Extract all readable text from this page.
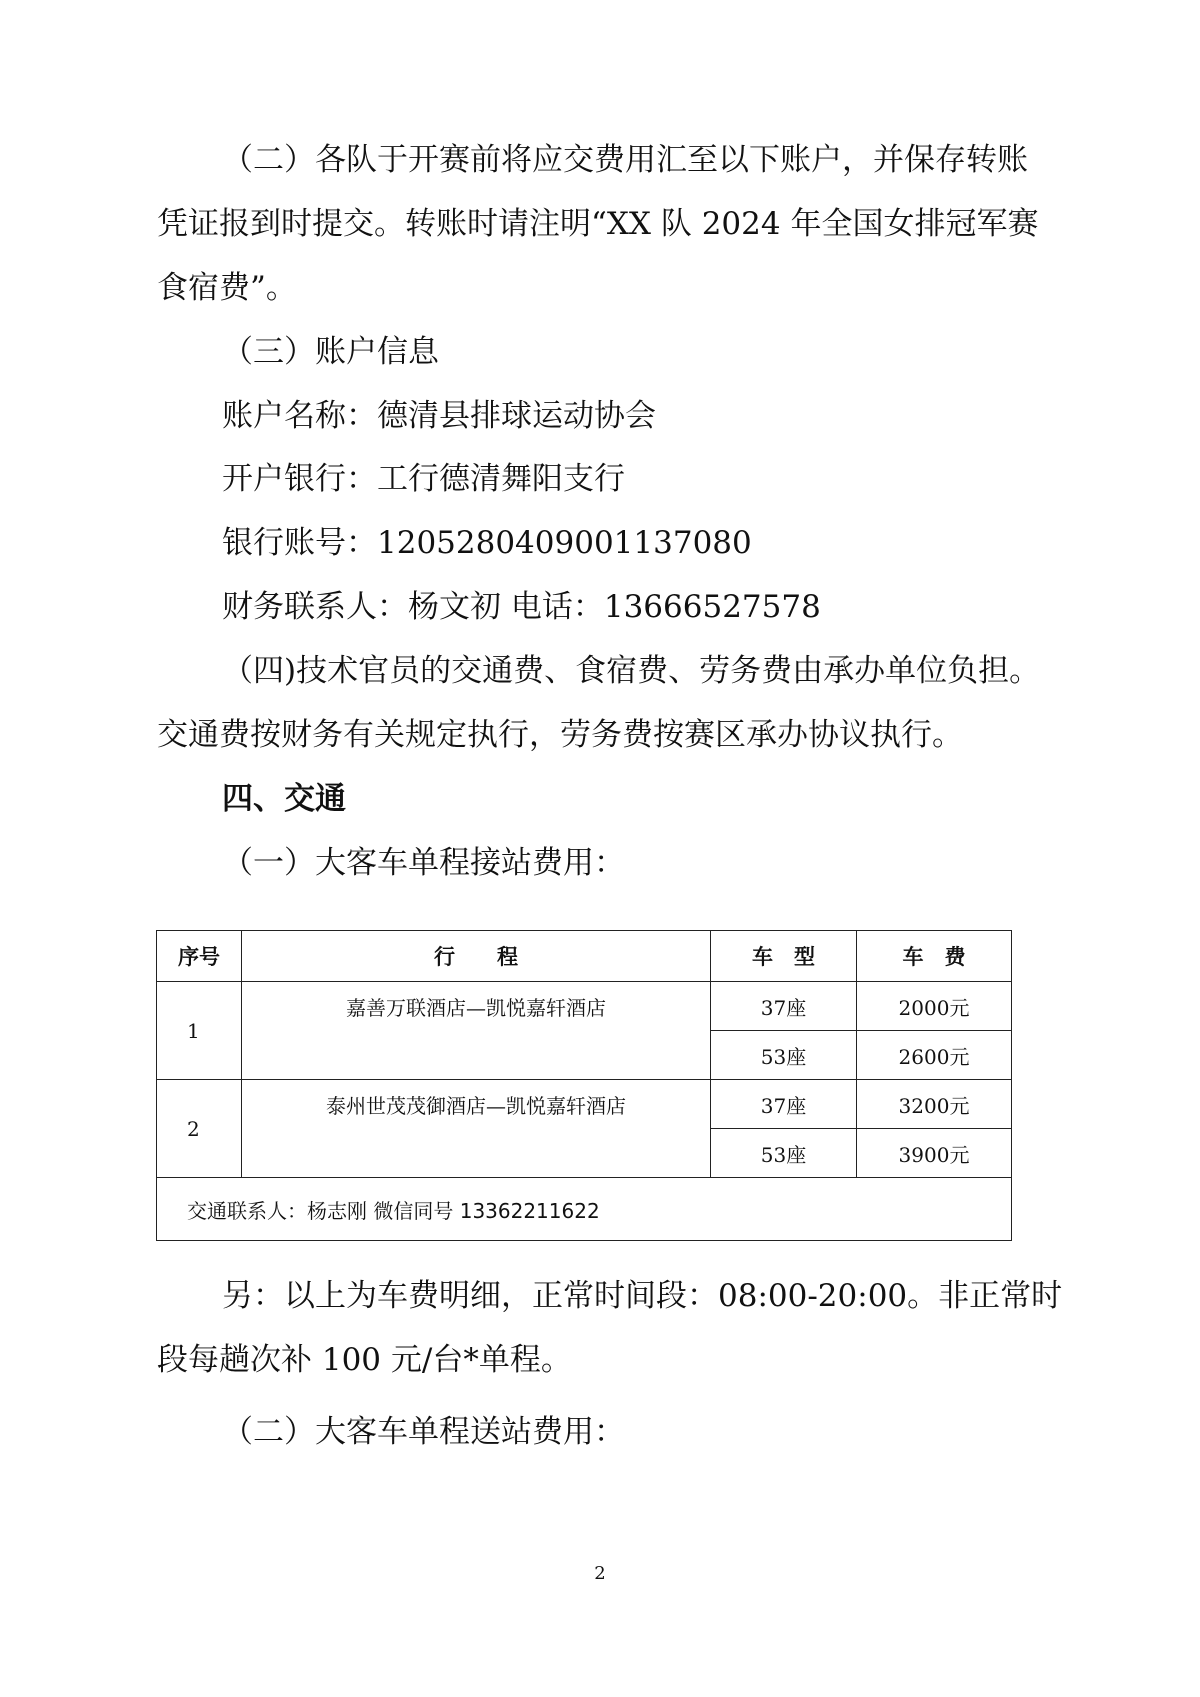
（二）各队于开赛前将应交费用汇至以下账户，并保存转账

凭证报到时提交。转账时请注明“XX 队 2024 年全国女排冠军赛

食宿费”。

（三）账户信息

账户名称：德清县排球运动协会

开户银行：工行德清舞阳支行

银行账号：1205280409001137080

财务联系人：杨文初 电话：13666527578

（四)技术官员的交通费、食宿费、劳务费由承办单位负担。

交通费按财务有关规定执行，劳务费按赛区承办协议执行。

四、交通

（一）大客车单程接站费用：

序号	行　　程	车　型	车　费
1	嘉善万联酒店—凯悦嘉轩酒店	37座	2000元
		53座	2600元
2	泰州世茂茂御酒店—凯悦嘉轩酒店	37座	3200元
		53座	3900元
交通联系人：杨志刚 微信同号 13362211622			

另：以上为车费明细，正常时间段：08:00-20:00。非正常时

段每趟次补 100 元/台*单程。

（二）大客车单程送站费用：

2
